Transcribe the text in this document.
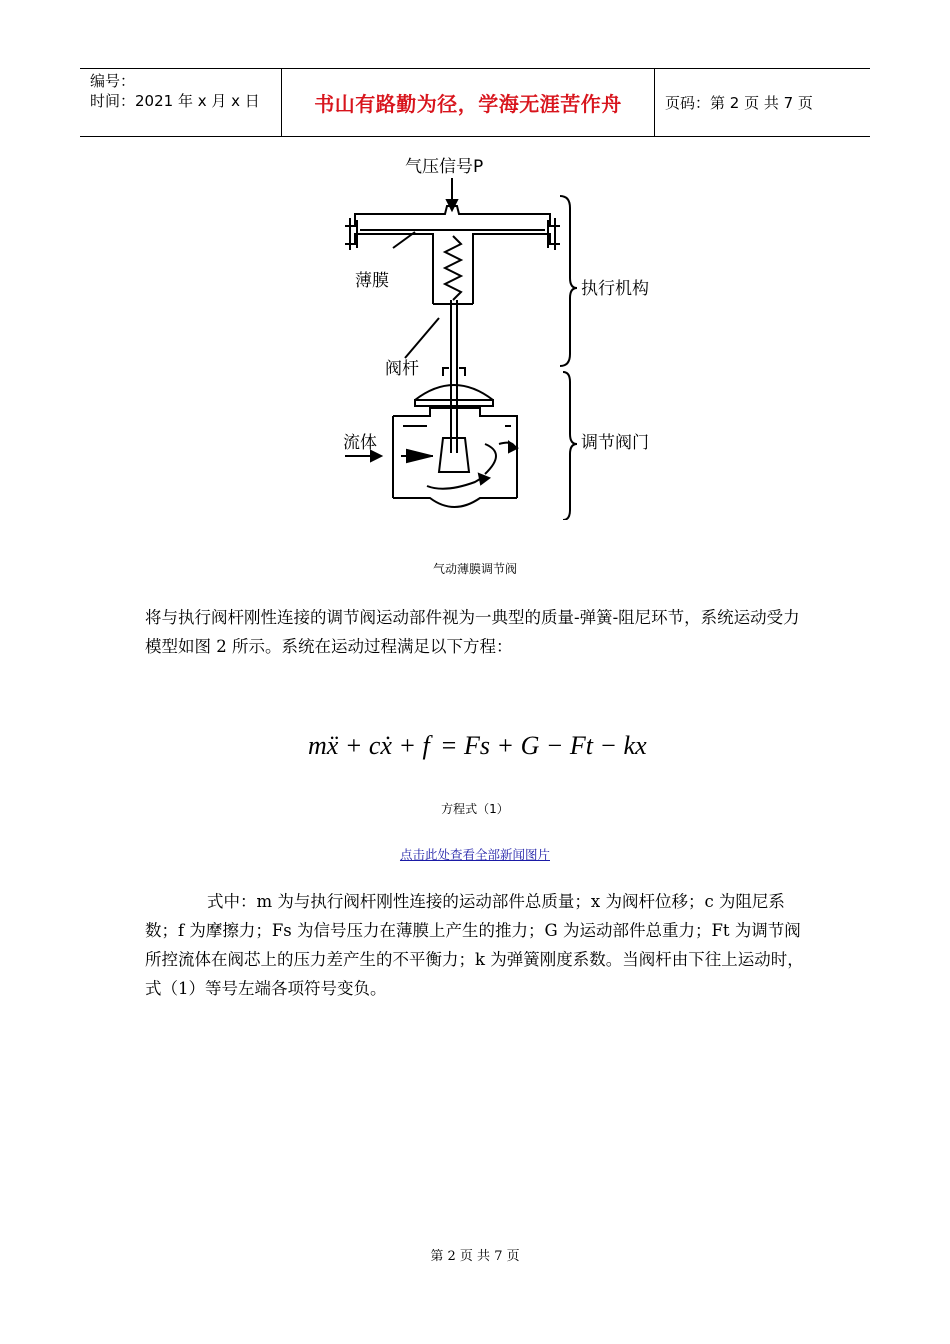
编号：
时间：2021 年 x 月 x 日	书山有路勤为径，学海无涯苦作舟	页码：第 2 页 共 7 页
气压信号P
薄膜
阀杆
流体
执行机构
调节阀门
气动薄膜调节阀

将与执行阀杆刚性连接的调节阀运动部件视为一典型的质量-弹簧-阻尼环节，系统运动受力模型如图 2 所示。系统在运动过程满足以下方程：

mẍ + cẋ + f = Fs + G − Ft − kx
方程式（1）
点击此处查看全部新闻图片

式中：m 为与执行阀杆刚性连接的运动部件总质量；x 为阀杆位移；c 为阻尼系数；f 为摩擦力；Fs 为信号压力在薄膜上产生的推力；G 为运动部件总重力；Ft 为调节阀所控流体在阀芯上的压力差产生的不平衡力；k 为弹簧刚度系数。当阀杆由下往上运动时，式（1）等号左端各项符号变负。

第 2 页 共 7 页
